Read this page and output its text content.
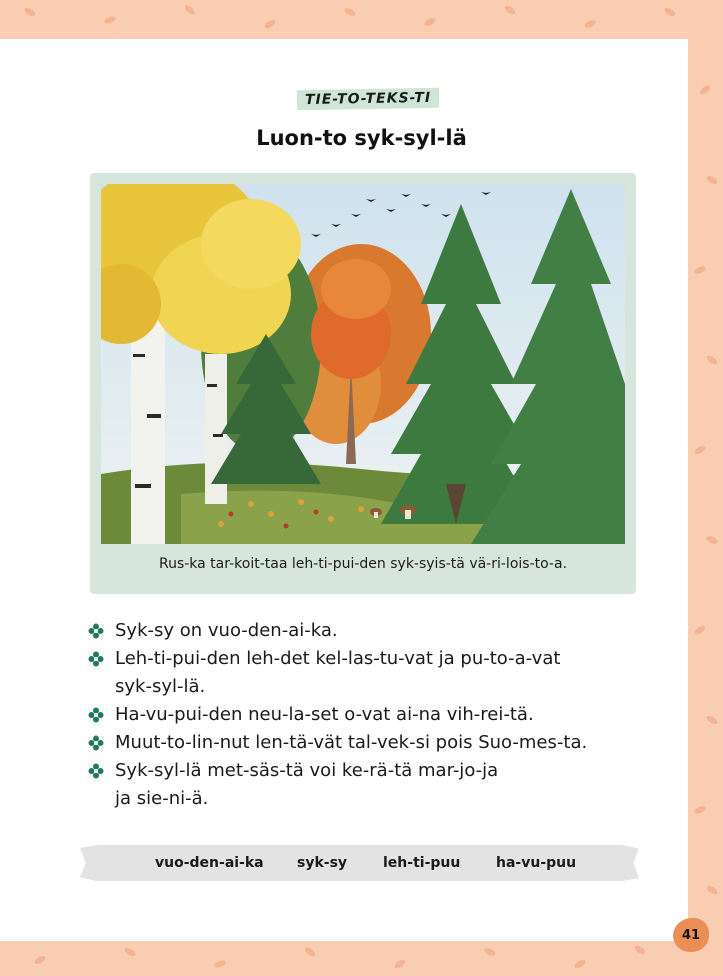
TIE-TO-TEKS-TI
Luon-to syk-syl-lä
Rus-ka tar-koit-taa leh-ti-pui-den syk-syis-tä vä-ri-lois-to-a.
Syk-sy on vuo-den-ai-ka.
Leh-ti-pui-den leh-det kel-las-tu-vat ja pu-to-a-vat
syk-syl-lä.
Ha-vu-pui-den neu-la-set o-vat ai-na vih-rei-tä.
Muut-to-lin-nut len-tä-vät tal-vek-si pois Suo-mes-ta.
Syk-syl-lä met-säs-tä voi ke-rä-tä mar-jo-ja
ja sie-ni-ä.
vuo-den-ai-ka syk-sy	leh-ti-puu	ha-vu-puu
41
